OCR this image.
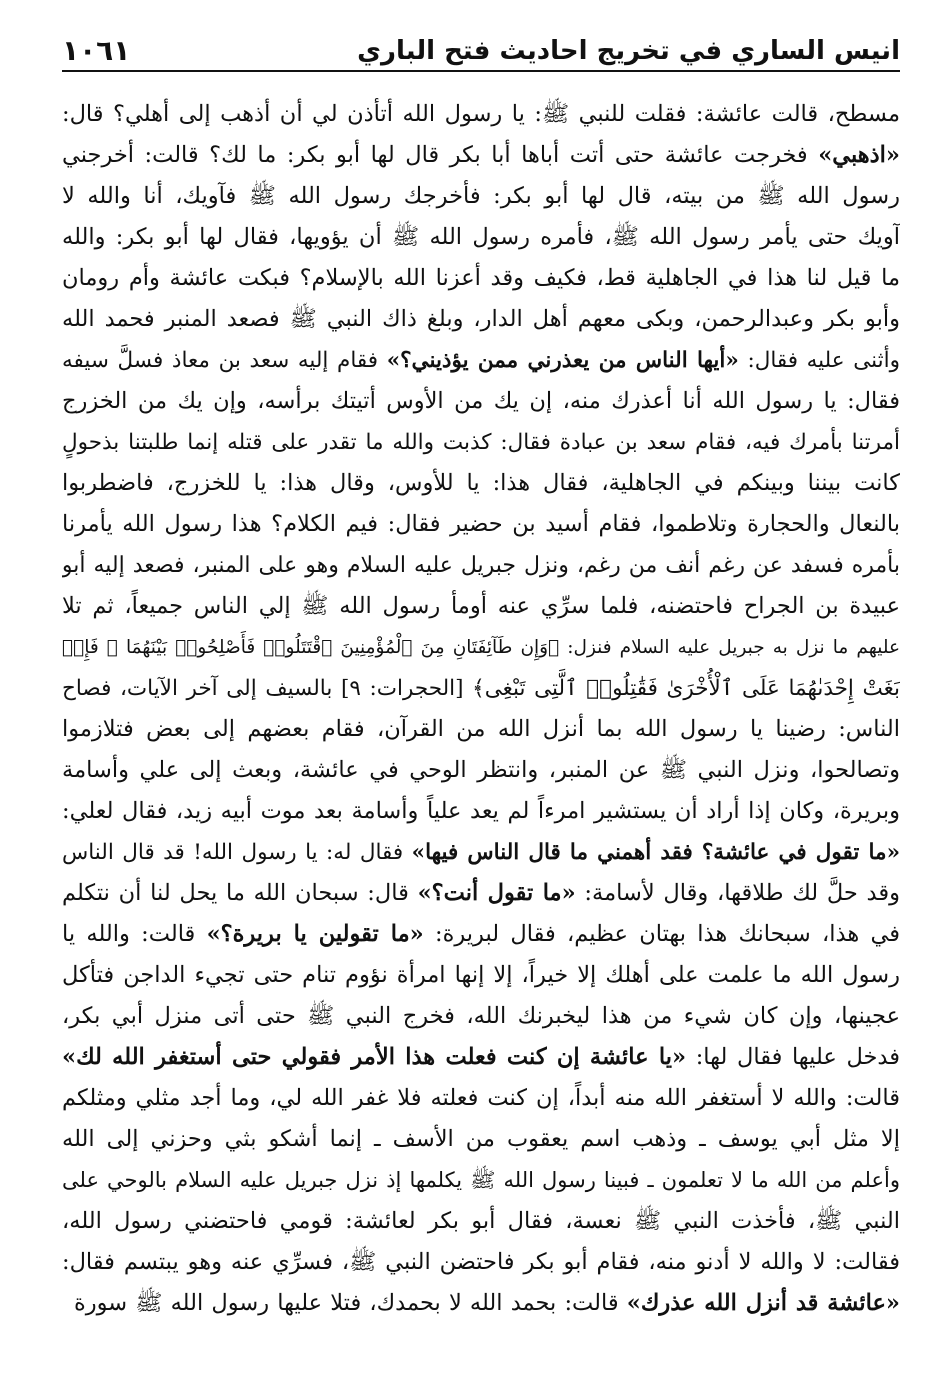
انيس الساري في تخريج احاديث فتح الباري
١٠٦١
مسطح، قالت عائشة: فقلت للنبي ﷺ: يا رسول الله أتأذن لي أن أذهب إلى أهلي؟ قال:
«اذهبي» فخرجت عائشة حتى أتت أباها أبا بكر قال لها أبو بكر: ما لك؟ قالت: أخرجني
رسول الله ﷺ من بيته، قال لها أبو بكر: فأخرجك رسول الله ﷺ فآويك، أنا والله لا
آويك حتى يأمر رسول الله ﷺ، فأمره رسول الله ﷺ أن يؤويها، فقال لها أبو بكر: والله
ما قيل لنا هذا في الجاهلية قط، فكيف وقد أعزنا الله بالإسلام؟ فبكت عائشة وأم رومان
وأبو بكر وعبدالرحمن، وبكى معهم أهل الدار، وبلغ ذاك النبي ﷺ فصعد المنبر فحمد الله
وأثنى عليه فقال: «أيها الناس من يعذرني ممن يؤذيني؟» فقام إليه سعد بن معاذ فسلَّ سيفه
فقال: يا رسول الله أنا أعذرك منه، إن يك من الأوس أتيتك برأسه، وإن يك من الخزرج
أمرتنا بأمرك فيه، فقام سعد بن عبادة فقال: كذبت والله ما تقدر على قتله إنما طلبتنا بذحولٍ
كانت بيننا وبينكم في الجاهلية، فقال هذا: يا للأوس، وقال هذا: يا للخزرج، فاضطربوا
بالنعال والحجارة وتلاطموا، فقام أسيد بن حضير فقال: فيم الكلام؟ هذا رسول الله يأمرنا
بأمره فسفد عن رغم أنف من رغم، ونزل جبريل عليه السلام وهو على المنبر، فصعد إليه أبو
عبيدة بن الجراح فاحتضنه، فلما سرِّي عنه أومأ رسول الله ﷺ إلي الناس جميعاً، ثم تلا
عليهم ما نزل به جبريل عليه السلام فنزل: ﴿وَإِن طَآئِفَتَانِ مِنَ ٱلْمُؤْمِنِينَ ٱقْتَتَلُوا۟ فَأَصْلِحُوا۟ بَيْنَهُمَا ۖ فَإِنۢ
بَغَتْ إِحْدَىٰهُمَا عَلَى ٱلْأُخْرَىٰ فَقَٰتِلُوا۟ ٱلَّتِى تَبْغِى﴾ [الحجرات: ٩] بالسيف إلى آخر الآيات، فصاح
الناس: رضينا يا رسول الله بما أنزل الله من القرآن، فقام بعضهم إلى بعض فتلازموا
وتصالحوا، ونزل النبي ﷺ عن المنبر، وانتظر الوحي في عائشة، وبعث إلى علي وأسامة
وبريرة، وكان إذا أراد أن يستشير امرءاً لم يعد علياً وأسامة بعد موت أبيه زيد، فقال لعلي:
«ما تقول في عائشة؟ فقد أهمني ما قال الناس فيها» فقال له: يا رسول الله! قد قال الناس
وقد حلَّ لك طلاقها، وقال لأسامة: «ما تقول أنت؟» قال: سبحان الله ما يحل لنا أن نتكلم
في هذا، سبحانك هذا بهتان عظيم، فقال لبريرة: «ما تقولين يا بريرة؟» قالت: والله يا
رسول الله ما علمت على أهلك إلا خيراً، إلا إنها امرأة نؤوم تنام حتى تجيء الداجن فتأكل
عجينها، وإن كان شيء من هذا ليخبرنك الله، فخرج النبي ﷺ حتى أتى منزل أبي بكر،
فدخل عليها فقال لها: «يا عائشة إن كنت فعلت هذا الأمر فقولي حتى أستغفر الله لك»
قالت: والله لا أستغفر الله منه أبداً، إن كنت فعلته فلا غفر الله لي، وما أجد مثلي ومثلكم
إلا مثل أبي يوسف ـ وذهب اسم يعقوب من الأسف ـ إنما أشكو بثي وحزني إلى الله
وأعلم من الله ما لا تعلمون ـ فبينا رسول الله ﷺ يكلمها إذ نزل جبريل عليه السلام بالوحي على
النبي ﷺ، فأخذت النبي ﷺ نعسة، فقال أبو بكر لعائشة: قومي فاحتضني رسول الله،
فقالت: لا والله لا أدنو منه، فقام أبو بكر فاحتضن النبي ﷺ، فسرِّي عنه وهو يبتسم فقال:
«عائشة قد أنزل الله عذرك» قالت: بحمد الله لا بحمدك، فتلا عليها رسول الله ﷺ سورة
